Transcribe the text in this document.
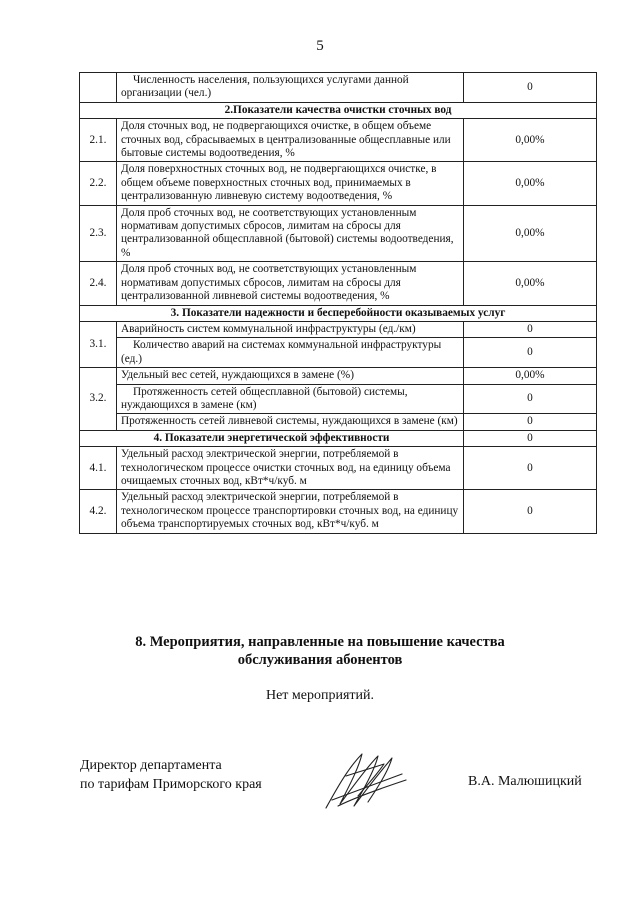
5
	Численность населения, пользующихся услугами данной организации (чел.)	0
2.Показатели качества очистки сточных вод		
2.1.	Доля сточных вод, не подвергающихся очистке, в общем объеме сточных вод, сбрасываемых в централизованные общесплавные или бытовые системы водоотведения, %	0,00%
2.2.	Доля поверхностных сточных вод, не подвергающихся очистке, в общем объеме поверхностных сточных вод, принимаемых в централизованную ливневую систему водоотведения, %	0,00%
2.3.	Доля проб сточных вод, не соответствующих установленным нормативам допустимых сбросов, лимитам на сбросы для централизованной общесплавной (бытовой) системы водоотведения, %	0,00%
2.4.	Доля проб сточных вод, не соответствующих установленным нормативам допустимых сбросов, лимитам на сбросы для централизованной ливневой системы водоотведения, %	0,00%
3. Показатели надежности и бесперебойности оказываемых услуг		
3.1.	Аварийность систем коммунальной инфраструктуры (ед./км)	0
	Количество аварий на системах коммунальной инфраструктуры (ед.)	0
3.2.	Удельный вес сетей, нуждающихся в замене (%)	0,00%
	Протяженность сетей общесплавной (бытовой) системы, нуждающихся в замене (км)	0
	Протяженность сетей ливневой системы, нуждающихся в замене (км)	0
4. Показатели энергетической эффективности		0
4.1.	Удельный расход электрической энергии, потребляемой в технологическом процессе очистки сточных вод, на единицу объема очищаемых сточных вод, кВт*ч/куб. м	0
4.2.	Удельный расход электрической энергии, потребляемой в технологическом процессе транспортировки сточных вод, на единицу объема транспортируемых сточных вод, кВт*ч/куб. м	0
8. Мероприятия, направленные на повышение качества
обслуживания абонентов
Нет мероприятий.
Директор департамента
по тарифам Приморского края	В.А. Малюшицкий
